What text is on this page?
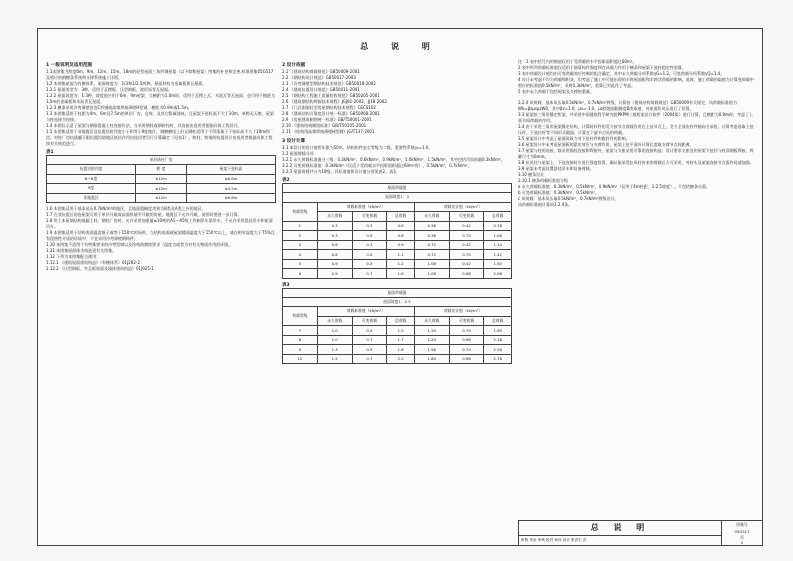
总 说 明
1 一般说明及适用范围

1.1本图集为跨度6m、9m、12m、15m、18m的轻型屋面三角形钢屋架（以下简称屋架）图集的补充和完善,标准图集05G517及相应的钢檩条系统和支撑系统施工详图。

1.2 本图集屋面为有檩体系，屋面坡度为：1/3和1/2.5两种，屋面材料为金属板和瓦屋面。

1.2.1 屋面类型为：3种，适用于瓦楞板、压型钢板、波形沥青瓦屋面。

1.2.2 屋面坡度为：1:3种，坡度值应用于6m、9m屋架，当檩距为1.0m时，适用于瓦楞上瓦、水泥瓦等瓦屋面，也可用于檩距为1.5m的金属板和木沥青瓦屋面。

1.2.3 檩条采用冷弯薄壁卷边C形钢或高频焊接薄壁H型钢，檩距为0.9m或1.5m。

1.3 本图集适用于柱距为4m、6m及7.5m的单层厂房、仓库、及其它附属建筑。且屋架下弦标高不大于10m，单跨无天窗，屋架与柱连接为铰接。

1.4 本图仅示意了屋架与钢筋混凝土柱连接作法，当采用钢柱或钢砖柱时，其连接由选用者根据具体工程设计。

1.5 本图集适用于非地震区及抗震设防烈度小于和等于9度地区，钢檩檩尾上但无钢柱适用于不得重量于下弦标高不大于10m的厂房。对柱厂房抗拔翻不限抗震设防地区抵抗作用由选用者另行计算确定（见表1）。跨柱、跨墙的抗震设计由选用者根据具体工程按有关规范进行。

表1
单层砖柱厂房
抗震设防烈度	跨 度	屋架下弦标高
6～8度	≤12m	≤6.6m
9度	≤12m	≤4.5m
非地震区	≤12m	≤6.6m

1.6 本图集适用于基本风压0.7kN/m²的地区，且地面粗糙度类别为B类及A类之外的地区。

1.7 在非抗震区的卷屋架可用于单层开敞或前面纵墙平开敞的房屋，地震区不允许开敞，使用时要进一步计算。

1.8 用于本屋钢结构低碳上柱，钢柱厂房时，允许采用加重量≤10吨的A1～A5级工作制吊车梁吊车。不允许采用悬挂吊车和屋面吊车。

1.9 本图集适用于结构表面温度低于或等于150℃的场所，当结构表面或屋架楼面温度大于150℃以上，或在相对湿度大于75%且有侵蚀性介质的环境中，不宜采用冷弯薄壁钢构件。

1.10 本图集不适用于有特殊要求的冷弯型钢以及结构防腐蚀要求（湿度为或者为对有关物质作用的环境。

1.11 本图集屋面排水构造见有关图集。

1.12 下列为本图集配合使用：

1.12.1 《建筑屋面建筑构造》（有檩体系）01J202-2

1.12.2 《压型钢板、夹芯板屋面及墙体建筑构造》01J925-1

2 设计依据

2.1 《建筑结构荷载规范》GB50009-2001

2.2 《钢结构设计规范》GB50017-2003

2.3 《冷弯薄壁型钢结构技术规范》GB50018-2002

2.4 《建筑抗震设计规范》GB50011-2001

2.5 《钢结构工程施工质量验收规范》GB50205-2001

2.6 《建筑钢结构焊接技术规程》JGJ81-2002，JJ18-2002

2.7 《门式刚架轻型房屋钢结构技术规程》CECS102

2.8 《建筑结构可靠度设计统一标准》GB50068-2001

2.9 《房屋建筑制图统一标准》GB/T50001-2001

2.10 《建筑结构制图标准》GB/T50105-2001

2.11 《结构用高频焊接薄壁H型钢》JG/T137-2001

3 设计计算

3.1 本设计的设计使用年限为50年，结构构件安全等级为二级，重要性系数γ₀=1.0。

3.2 屋面荷载分项

3.2.1 永久荷载标准值分三级：0.3kN/m²，0.6kN/m²，0.9kN/m²，1.0kN/m²，1.5kN/m²，其中包括吊顶荷载0.3kN/m²。

3.2.2 可变荷载标准值：0.3kN/m²（仅适于受荷载水平投影面积超过60m²的），0.5kN/m²，0.7kN/m²。

3.2.3 屋面荷载共分为19级，其标准值和设计值分别见表2、表3。

表2
屋面荷载值
屋面坡度1：3						
荷载等级	荷载标准值（kN/m²）			荷载设计值（kN/m²）		
	永久荷载	可变荷载	总荷载	永久荷载	可变荷载	总荷载
1	0.3	0.3	0.6	0.36	0.42	0.78
2	0.3	0.5	0.8	0.36	0.70	1.06
3	0.6	0.3	0.9	0.72	0.42	1.14
4	0.6	0.5	1.1	0.72	0.70	1.42
5	0.9	0.3	1.2	1.08	0.42	1.50
6	0.9	0.7	1.6	1.08	0.98	2.06
表3
屋面荷载值
屋面坡度1：2.5						
荷载等级	荷载标准值（kN/m²）			荷载设计值（kN/m²）		
	永久荷载	可变荷载	总荷载	永久荷载	可变荷载	总荷载
7	1.0	0.5	1.5	1.20	0.70	1.90
8	1.0	0.7	1.7	1.20	0.98	2.18
9	1.3	0.5	1.8	1.56	0.70	2.26
10	1.5	0.7	2.2	1.80	0.98	2.78

注：1 表中括号内的数值仅用于受荷载的水平投影面积超过60m²。

2 表中所列荷载标准值仅适用于抽算构件强度和在风载力作用下檩条和屋架下弦杆稳定性验算。

3 表中荷载设计值均由可变荷载效应控制的组合确定，其中永久荷载分项系数γG=1.2，可变荷载分项系数γQ=1.4。

4 设计未考虑不均匀荷载和积灰，但考虑了施工中可能出现的半跨屋面板和半跨活荷载的影响。此时，施工荷载的取值为计算变荷载中相应的标准值0.5kN/m²，采用0.3kN/m²，验算已对此作了考虑。

5 表中永久荷载不包括屋架及支撑的重量。

3.2.4 风荷载：基本风压取0.5kN/m²，0.7kN/m²两级，计算按《建筑结构荷载规范》GB50009有关规定，风荷载标准值为Wk=βzμsμzW0，其中βz=1.0，μs=-1.0，μz按地面粗糙度B类取值，对屋面负风压进行了验算。

3.3 屋架按三角形静定桁架，并采用中国建筑科学研究院PKPM三维桁架设计软件（2004版）进行计算，且檩距为0.9m时，考虑了上弦节间荷载的作用。

3.4 由于采用三角形屋架静定结构，计算时杆件的受力按节点荷载作用在上弦节点上，受力全部由杆件轴向力承担，计算考虑选取上弦压杆，下弦拉杆等不同形式截面，计算在下旋节点处的荷载。

3.5 屋架设计中考虑了屋面风吸力对下弦杆件和腹杆件的影响。

3.6 屋架设计中未考虑屋面板的蒙皮效应与支撑作用，屋架上弦平面外计算长度取支撑节点间距离。

3.7 屋架与柱的连接，除采用锚栓连接和焊接外，屋架与支座采用可靠的连接构造，设计要求支座处的屋架下弦杆与柱顶钢板焊接，焊脚尺寸为6mm。

3.8 抗风柱与屋架上、下弦连接时应进行强度验算，确认能承受抗风柱传来的荷载后方可采用，对柱头及屋架连接节点需作局部加强。

3.9 屋架未考虑设置悬挂吊车和设备荷载。

3.10 檩条设计

3.10.1 檩条荷载标准值分级

a 永久荷载标准值：0.3kN/m²，0.5kN/m²，0.9kN/m²（仅用于4m柱距，1:2.5坡度）。不包括檩条自重。

b 可变荷载标准值：0.3kN/m²，0.5kN/m²。

c 风荷载：基本风压取0.5kN/m²，0.7kN/m²两级设计。

风荷载标准值计算同3.2.4条。

总 说 明	图集号
05G517
页
2
审核 朱岩 审核 校对 孙伟 设计 张洪生 页
